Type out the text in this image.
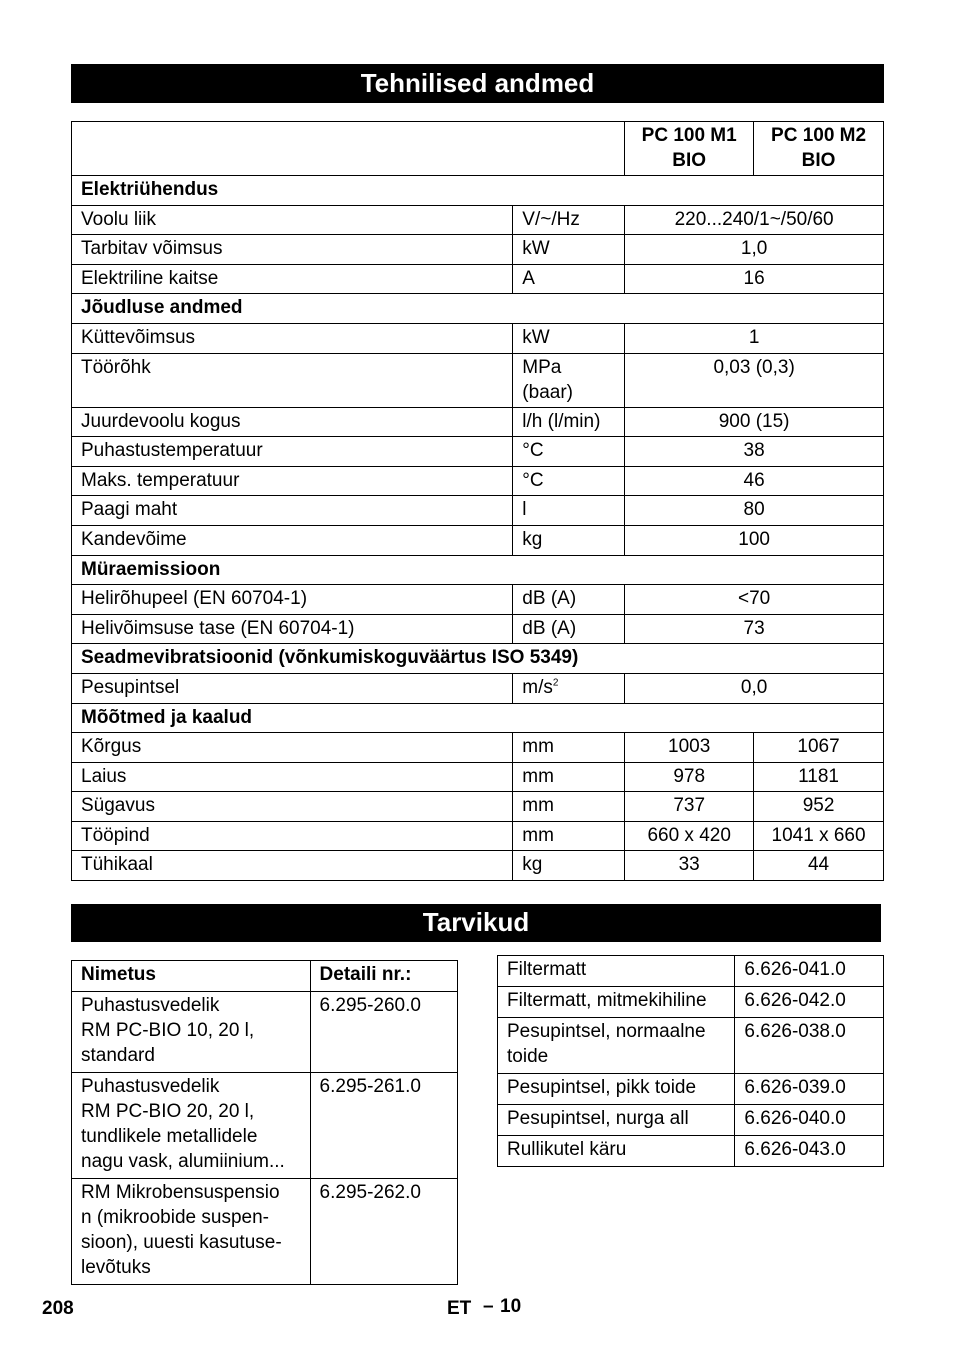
Tehnilised andmed
		PC 100 M1 BIO	PC 100 M2 BIO
Elektriühendus			
Voolu liik	V/~/Hz	220...240/1~/50/60	
Tarbitav võimsus	kW	1,0	
Elektriline kaitse	A	16	
Jõudluse andmed			
Küttevõimsus	kW	1	
Töörõhk	MPa (baar)	0,03 (0,3)	
Juurdevoolu kogus	l/h (l/min)	900 (15)	
Puhastustemperatuur	°C	38	
Maks. temperatuur	°C	46	
Paagi maht	l	80	
Kandevõime	kg	100	
Müraemissioon			
Helirõhupeel (EN 60704-1)	dB (A)	<70	
Helivõimsuse tase (EN 60704-1)	dB (A)	73	
Seadmevibratsioonid (võnkumiskoguväärtus ISO 5349)			
Pesupintsel	$m/s^2$	0,0	
Mõõtmed ja kaalud			
Kõrgus	mm	1003	1067
Laius	mm	978	1181
Sügavus	mm	737	952
Tööpind	mm	660 x 420	1041 x 660
Tühikaal	kg	33	44
Tarvikud
Nimetus	Detaili nr.:
Puhastusvedelik
RM PC-BIO 10, 20 l,
standard	6.295-260.0
Puhastusvedelik
RM PC-BIO 20, 20 l,
tundlikele metallidele
nagu vask, alumiinium...	6.295-261.0
RM Mikrobensuspensio
n (mikroobide suspen-
sioon), uuesti kasutuse-
levõtuks	6.295-262.0
Filtermatt	6.626-041.0
Filtermatt, mitmekihiline	6.626-042.0
Pesupintsel, normaalne
toide	6.626-038.0
Pesupintsel, pikk toide	6.626-039.0
Pesupintsel, nurga all	6.626-040.0
Rullikutel käru	6.626-043.0
208	ET – 10
